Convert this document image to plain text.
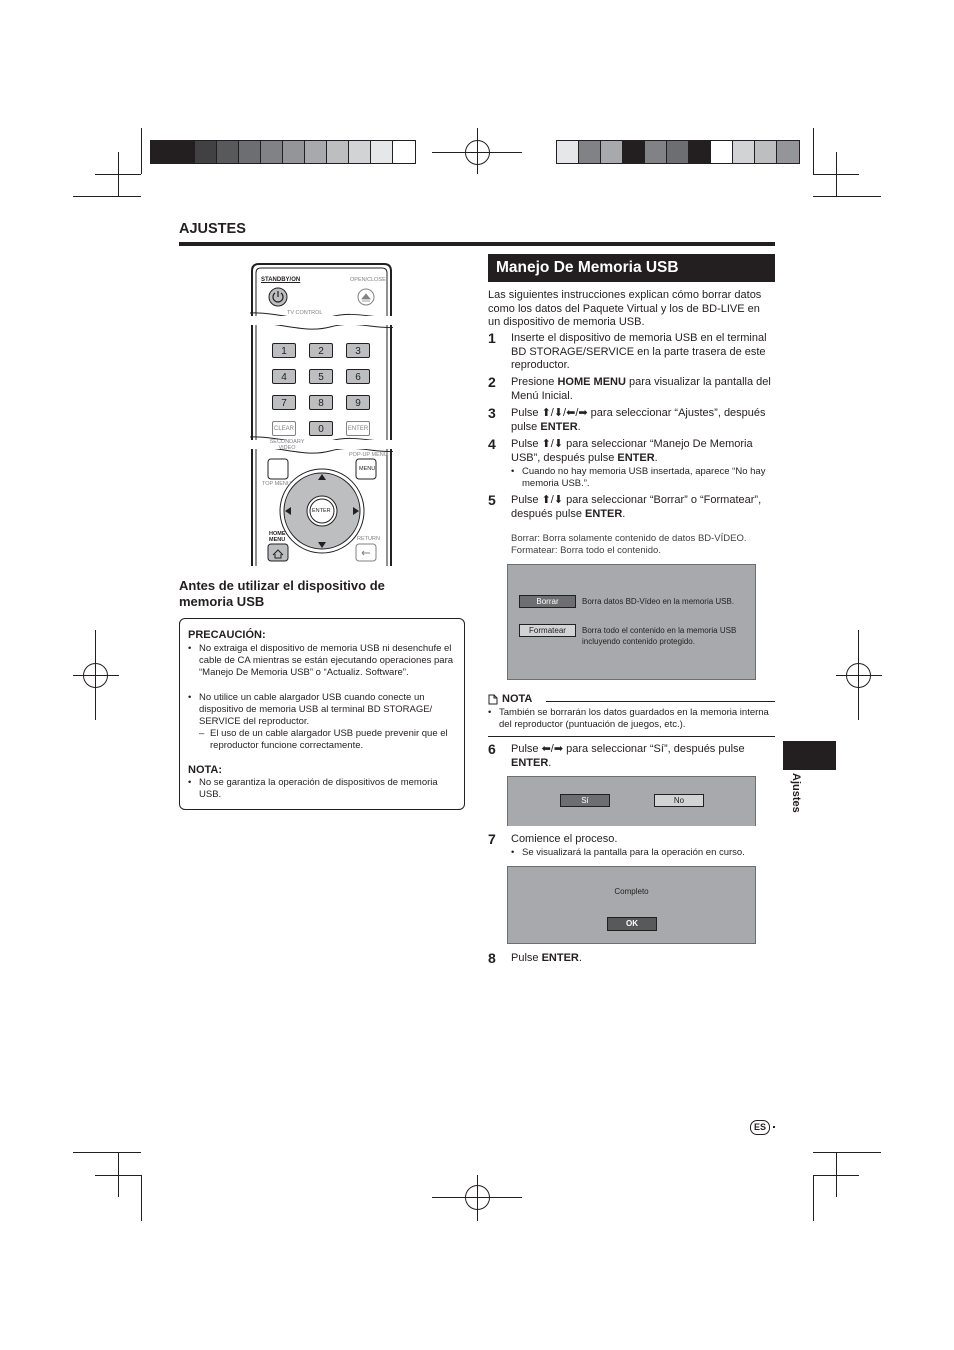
AJUSTES
STANDBY/ON	OPEN/CLOSE
TV CONTROL
SECONDARY VIDEO
POP-UP MENU
TOP MENU
MENU
ENTER
HOME MENU	RETURN
1	2	3
4	5	6
7	8	9
CLEAR	0	ENTER
Antes de utilizar el dispositivo de memoria USB
PRECAUCIÓN:
• No extraiga el dispositivo de memoria USB ni desenchufe el cable de CA mientras se están ejecutando operaciones para “Manejo De Memoria USB” o “Actualiz. Software”.
• No utilice un cable alargador USB cuando conecte un dispositivo de memoria USB al terminal BD STORAGE/ SERVICE del reproductor.
– El uso de un cable alargador USB puede prevenir que el reproductor funcione correctamente.
NOTA:
• No se garantiza la operación de dispositivos de memoria USB.
Manejo De Memoria USB
Las siguientes instrucciones explican cómo borrar datos como los datos del Paquete Virtual y los de BD-LIVE en un dispositivo de memoria USB.
1 Inserte el dispositivo de memoria USB en el terminal BD STORAGE/SERVICE en la parte trasera de este reproductor.
2 Presione HOME MENU para visualizar la pantalla del Menú Inicial.
3 Pulse ⬆/⬇/⬅/➡ para seleccionar “Ajustes”, después pulse ENTER.
4 Pulse ⬆/⬇ para seleccionar “Manejo De Memoria USB”, después pulse ENTER.
5 Pulse ⬆/⬇ para seleccionar “Borrar” o “Formatear”, después pulse ENTER.
6 Pulse ⬅/➡ para seleccionar “Sí”, después pulse ENTER.
7 Comience el proceso.
8 Pulse ENTER.
• Cuando no hay memoria USB insertada, aparece “No hay memoria USB.”.
Borrar: Borra solamente contenido de datos BD-VÍDEO.
Formatear: Borra todo el contenido.
Borrar	Borra datos BD-Vídeo en la memoria USB.
Formatear	Borra todo el contenido en la memoria USB incluyendo contenido protegido.
NOTA
• También se borrarán los datos guardados en la memoria interna del reproductor (puntuación de juegos, etc.).
Sí	No
• Se visualizará la pantalla para la operación en curso.
Completo
OK
Ajustes
ES
